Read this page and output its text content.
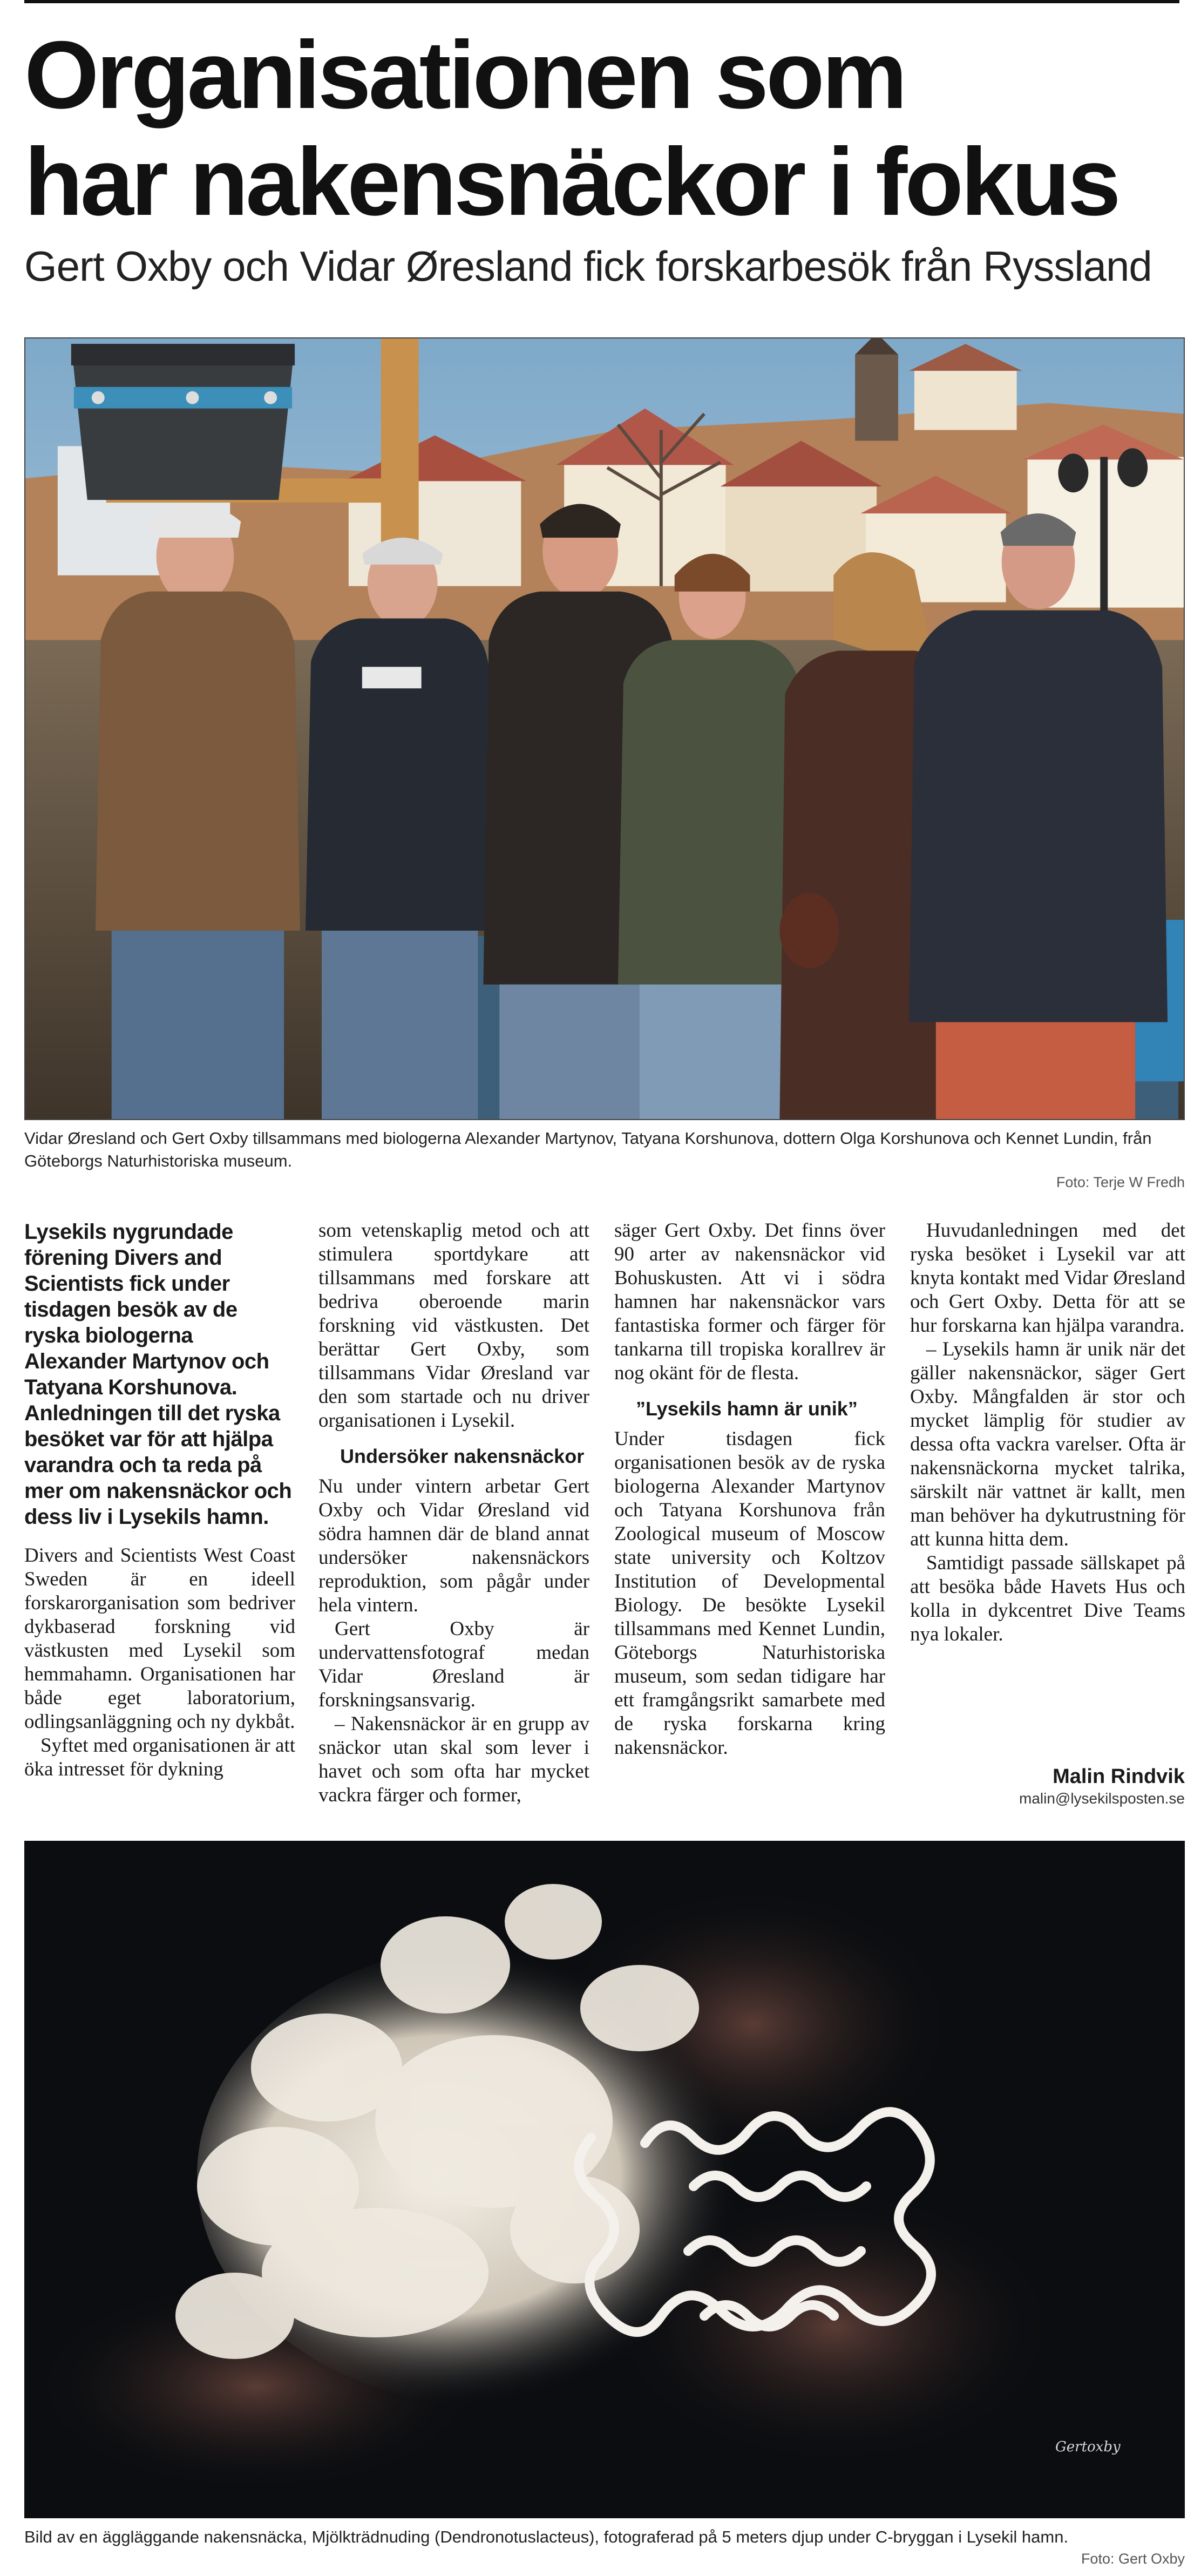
Organisationen som
har nakensnäckor i fokus
Gert Oxby och Vidar Øresland fick forskarbesök från Ryssland
Vidar Øresland och Gert Oxby tillsammans med biologerna Alexander Martynov, Tatyana Korshunova, dottern Olga Korshunova och Kennet Lundin, från Göteborgs Naturhistoriska museum.
Foto: Terje W Fredh

Lysekils nygrundade förening Divers and Scientists fick under tisdagen besök av de ryska biologerna Alexander Martynov och Tatyana Korshunova. Anledningen till det ryska besöket var för att hjälpa varandra och ta reda på mer om nakensnäckor och dess liv i Lysekils hamn.

Divers and Scientists West Coast Sweden är en ideell forskarorganisation som bedriver dykbaserad forskning vid västkusten med Lysekil som hemmahamn. Organisationen har både eget laboratorium, odlingsanläggning och ny dykbåt.

Syftet med organisationen är att öka intresset för dykning

som vetenskaplig metod och att stimulera sportdykare att tillsammans med forskare att bedriva oberoende marin forskning vid västkusten. Det berättar Gert Oxby, som tillsammans Vidar Øresland var den som startade och nu driver organisationen i Lysekil.

Undersöker nakensnäckor

Nu under vintern arbetar Gert Oxby och Vidar Øresland vid södra hamnen där de bland annat undersöker nakensnäckors reproduktion, som pågår under hela vintern.

Gert Oxby är undervattensfotograf medan Vidar Øresland är forskningsansvarig.

– Nakensnäckor är en grupp av snäckor utan skal som lever i havet och som ofta har mycket vackra färger och former,

säger Gert Oxby. Det finns över 90 arter av nakensnäckor vid Bohuskusten. Att vi i södra hamnen har nakensnäckor vars fantastiska former och färger för tankarna till tropiska korallrev är nog okänt för de flesta.

”Lysekils hamn är unik”

Under tisdagen fick organisationen besök av de ryska biologerna Alexander Martynov och Tatyana Korshunova från Zoological museum of Moscow state university och Koltzov Institution of Developmental Biology. De besökte Lysekil tillsammans med Kennet Lundin, Göteborgs Naturhistoriska museum, som sedan tidigare har ett framgångsrikt samarbete med de ryska forskarna kring nakensnäckor.

Huvudanledningen med det ryska besöket i Lysekil var att knyta kontakt med Vidar Øresland och Gert Oxby. Detta för att se hur forskarna kan hjälpa varandra.

– Lysekils hamn är unik när det gäller nakensnäckor, säger Gert Oxby. Mångfalden är stor och mycket lämplig för studier av dessa ofta vackra varelser. Ofta är nakensnäckorna mycket talrika, särskilt när vattnet är kallt, men man behöver ha dykutrustning för att kunna hitta dem.

Samtidigt passade sällskapet på att besöka både Havets Hus och kolla in dykcentret Dive Teams nya lokaler.

Malin Rindvik
malin@lysekilsposten.se
Gertoxby
Bild av en äggläggande nakensnäcka, Mjölkträdnuding (Dendronotuslacteus), fotograferad på 5 meters djup under C-bryggan i Lysekil hamn.
Foto: Gert Oxby
